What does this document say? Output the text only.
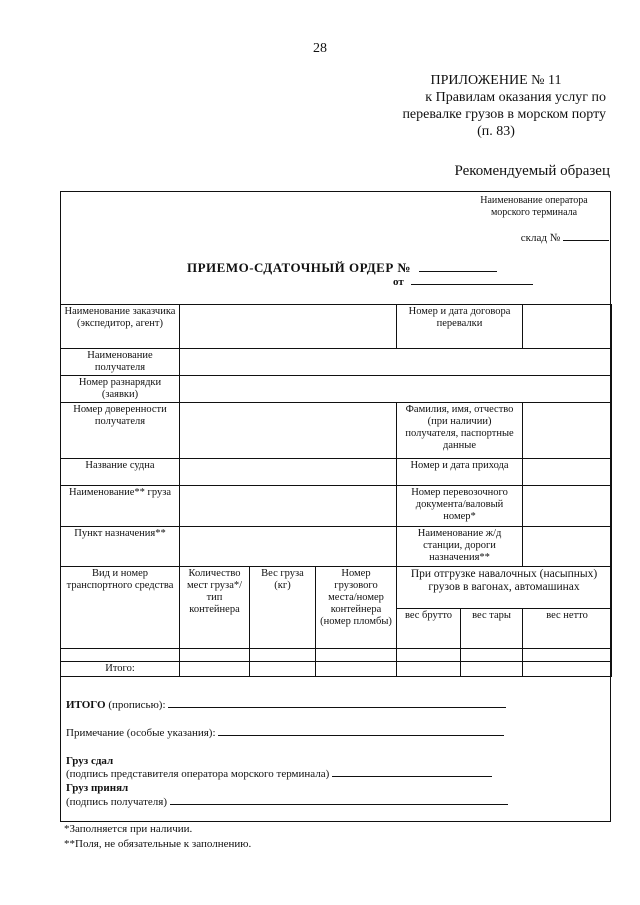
28
ПРИЛОЖЕНИЕ № 11
к Правилам оказания услуг по
перевалке грузов в морском порту
(п. 83)
Рекомендуемый образец
Наименование оператора
морского терминала
склад №
ПРИЕМО-СДАТОЧНЫЙ ОРДЕР №
от
Наименование заказчика (экспедитор, агент)				Номер и дата договора перевалки		
Наименование получателя						
Номер разнарядки (заявки)						
Номер доверенности получателя				Фамилия, имя, отчество (при наличии) получателя, паспортные данные		
Название судна				Номер и дата прихода		
Наименование** груза				Номер перевозочного документа/валовый номер*		
Пункт назначения**				Наименование ж/д станции, дороги назначения**		
Вид и номер транспортного средства	Количество мест груза*/тип контейнера	Вес груза (кг)	Номер грузового места/номер контейнера (номер пломбы)	При отгрузке навалочных (насыпных) грузов в вагонах, автомашинах		
				вес брутто	вес тары	вес нетто

Итого:						
ИТОГО (прописью):
Примечание (особые указания):
Груз сдал
(подпись представителя оператора морского терминала)
Груз принял
(подпись получателя)
*Заполняется при наличии.
**Поля, не обязательные к заполнению.
